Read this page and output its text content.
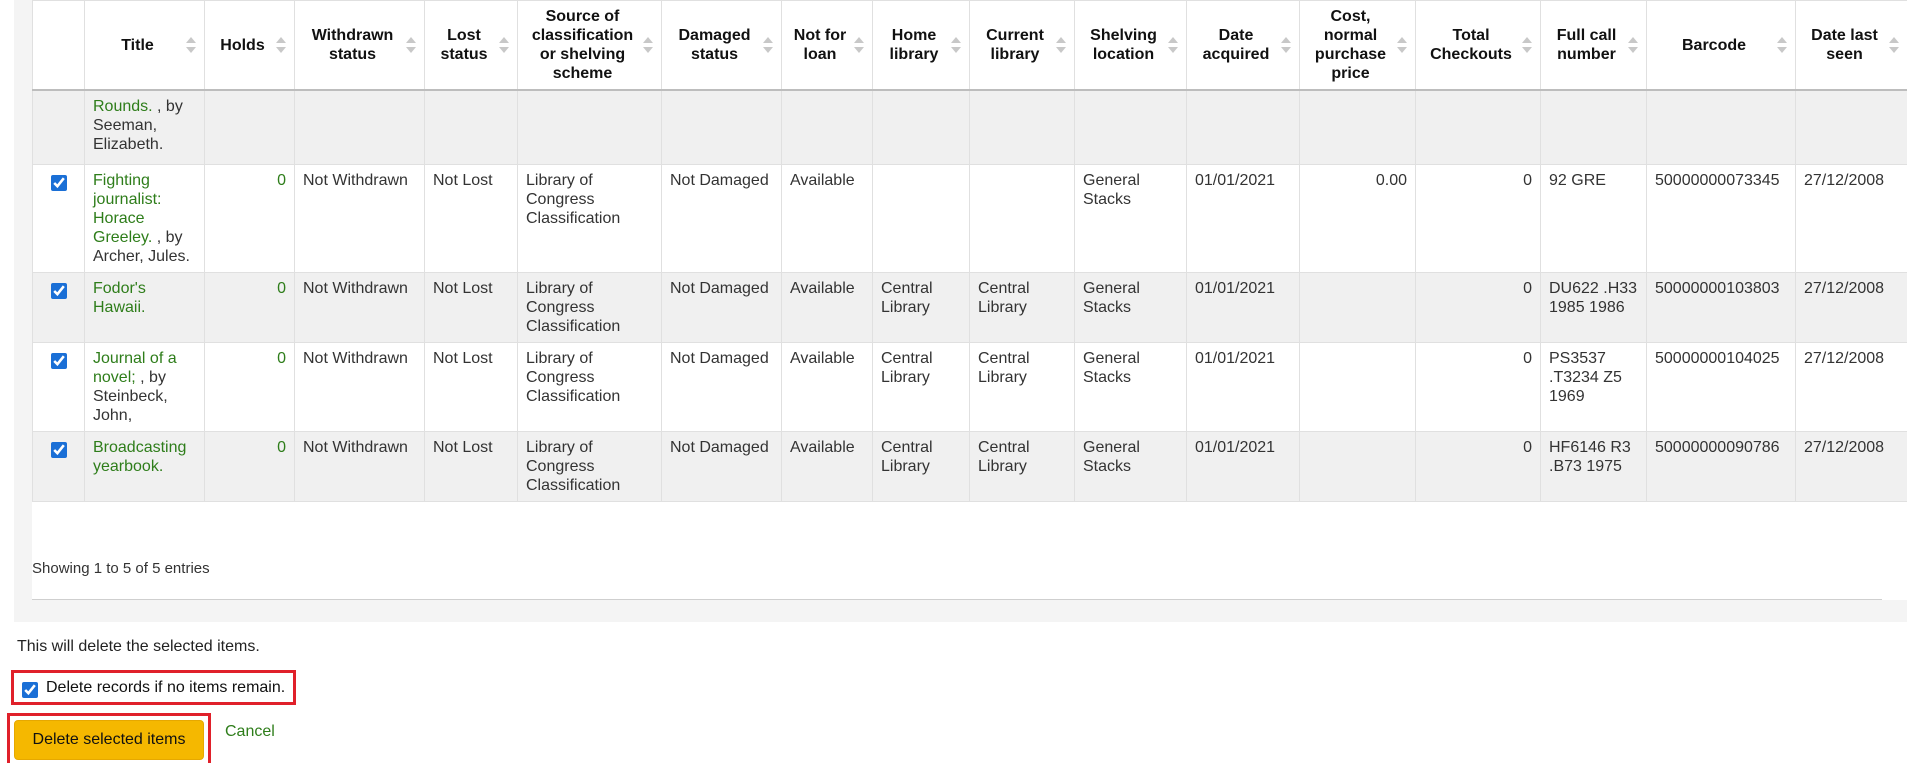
	Title	Holds	Withdrawn status	Lost status	Source of classification or shelving scheme	Damaged status	Not for loan	Home library	Current library	Shelving location	Date acquired	Cost, normal purchase price	Total Checkouts	Full call number	Barcode	Date last seen

	Rounds. , by Seeman, Elizabeth.															
	Fighting journalist: Horace Greeley. , by Archer, Jules.	0	Not Withdrawn	Not Lost	Library of Congress Classification	Not Damaged	Available			General Stacks	01/01/2021	0.00	0	92 GRE	50000000073345	27/12/2008
	Fodor's Hawaii.	0	Not Withdrawn	Not Lost	Library of Congress Classification	Not Damaged	Available	Central Library	Central Library	General Stacks	01/01/2021		0	DU622 .H33 1985 1986	50000000103803	27/12/2008
	Journal of a novel; , by Steinbeck, John,	0	Not Withdrawn	Not Lost	Library of Congress Classification	Not Damaged	Available	Central Library	Central Library	General Stacks	01/01/2021		0	PS3537 .T3234 Z5 1969	50000000104025	27/12/2008
	Broadcasting yearbook.	0	Not Withdrawn	Not Lost	Library of Congress Classification	Not Damaged	Available	Central Library	Central Library	General Stacks	01/01/2021		0	HF6146 R3 .B73 1975	50000000090786	27/12/2008
Showing 1 to 5 of 5 entries
This will delete the selected items.
Delete records if no items remain.
Delete selected items	Cancel
